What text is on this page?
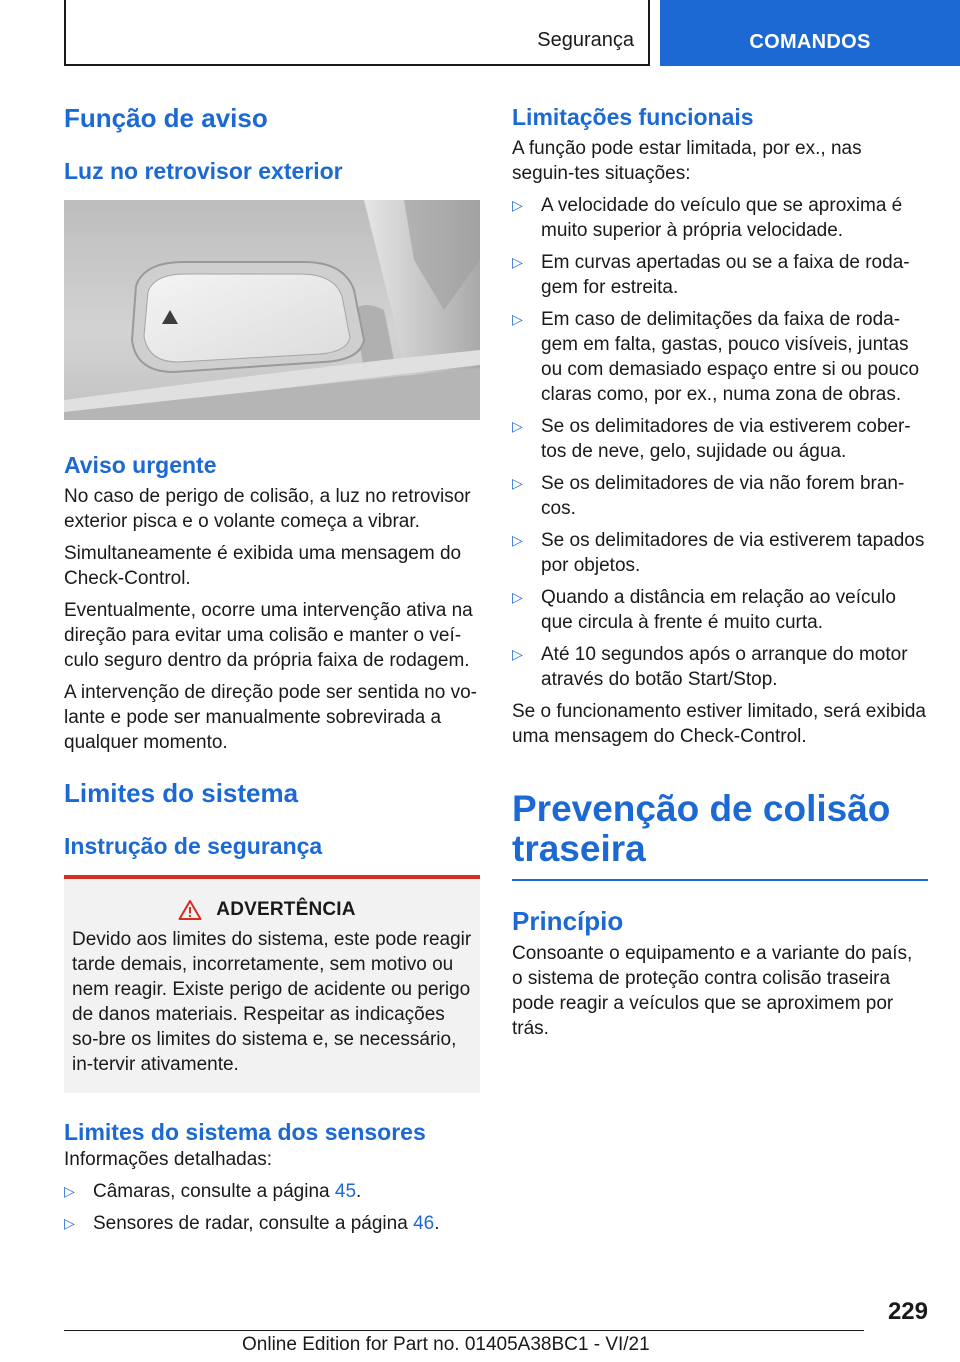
Segurança	COMANDOS
Função de aviso
Luz no retrovisor exterior
Aviso urgente

No caso de perigo de colisão, a luz no retrovisor exterior pisca e o volante começa a vibrar.

Simultaneamente é exibida uma mensagem do Check-Control.

Eventualmente, ocorre uma intervenção ativa na direção para evitar uma colisão e manter o veí-culo seguro dentro da própria faixa de rodagem.

A intervenção de direção pode ser sentida no vo-lante e pode ser manualmente sobrevirada a qualquer momento.

Limites do sistema
Instrução de segurança
ADVERTÊNCIA

Devido aos limites do sistema, este pode reagir tarde demais, incorretamente, sem motivo ou nem reagir. Existe perigo de acidente ou perigo de danos materiais. Respeitar as indicações so-bre os limites do sistema e, se necessário, in-tervir ativamente.

Limites do sistema dos sensores

Informações detalhadas:

▷ Câmaras, consulte a página 45.
▷ Sensores de radar, consulte a página 46.
Limitações funcionais

A função pode estar limitada, por ex., nas seguin-tes situações:

▷ A velocidade do veículo que se aproxima é muito superior à própria velocidade.
▷ Em curvas apertadas ou se a faixa de roda-gem for estreita.
▷ Em caso de delimitações da faixa de roda-gem em falta, gastas, pouco visíveis, juntas ou com demasiado espaço entre si ou pouco claras como, por ex., numa zona de obras.
▷ Se os delimitadores de via estiverem cober-tos de neve, gelo, sujidade ou água.
▷ Se os delimitadores de via não forem bran-cos.
▷ Se os delimitadores de via estiverem tapados por objetos.
▷ Quando a distância em relação ao veículo que circula à frente é muito curta.
▷ Até 10 segundos após o arranque do motor através do botão Start/Stop.

Se o funcionamento estiver limitado, será exibida uma mensagem do Check-Control.

Prevenção de colisão traseira
Princípio

Consoante o equipamento e a variante do país, o sistema de proteção contra colisão traseira pode reagir a veículos que se aproximem por trás.

229
Online Edition for Part no. 01405A38BC1 - VI/21
